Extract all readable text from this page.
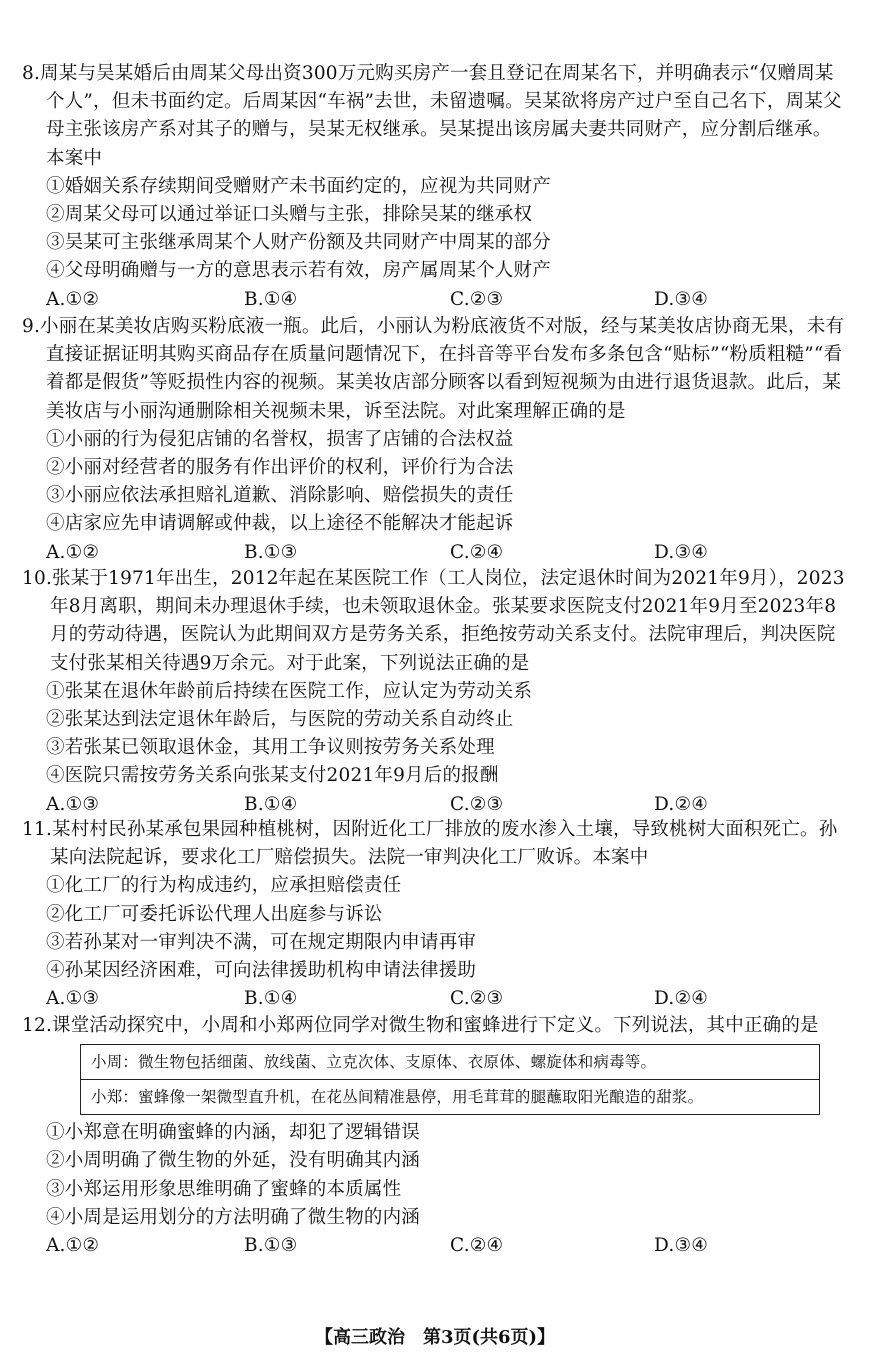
8.周某与吴某婚后由周某父母出资300万元购买房产一套且登记在周某名下，并明确表示“仅赠周某个人”，但未书面约定。后周某因“车祸”去世，未留遗嘱。吴某欲将房产过户至自己名下，周某父母主张该房产系对其子的赠与，吴某无权继承。吴某提出该房属夫妻共同财产，应分割后继承。本案中
①婚姻关系存续期间受赠财产未书面约定的，应视为共同财产
②周某父母可以通过举证口头赠与主张，排除吴某的继承权
③吴某可主张继承周某个人财产份额及共同财产中周某的部分
④父母明确赠与一方的意思表示若有效，房产属周某个人财产
A.①②	B.①④	C.②③	D.③④
9.小丽在某美妆店购买粉底液一瓶。此后，小丽认为粉底液货不对版，经与某美妆店协商无果，未有直接证据证明其购买商品存在质量问题情况下，在抖音等平台发布多条包含“贴标”“粉质粗糙”“看着都是假货”等贬损性内容的视频。某美妆店部分顾客以看到短视频为由进行退货退款。此后，某美妆店与小丽沟通删除相关视频未果，诉至法院。对此案理解正确的是
①小丽的行为侵犯店铺的名誉权，损害了店铺的合法权益
②小丽对经营者的服务有作出评价的权利，评价行为合法
③小丽应依法承担赔礼道歉、消除影响、赔偿损失的责任
④店家应先申请调解或仲裁，以上途径不能解决才能起诉
A.①②	B.①③	C.②④	D.③④
10.张某于1971年出生，2012年起在某医院工作（工人岗位，法定退休时间为2021年9月），2023年8月离职，期间未办理退休手续，也未领取退休金。张某要求医院支付2021年9月至2023年8月的劳动待遇，医院认为此期间双方是劳务关系，拒绝按劳动关系支付。法院审理后，判决医院支付张某相关待遇9万余元。对于此案，下列说法正确的是
①张某在退休年龄前后持续在医院工作，应认定为劳动关系
②张某达到法定退休年龄后，与医院的劳动关系自动终止
③若张某已领取退休金，其用工争议则按劳务关系处理
④医院只需按劳务关系向张某支付2021年9月后的报酬
A.①③	B.①④	C.②③	D.②④
11.某村村民孙某承包果园种植桃树，因附近化工厂排放的废水渗入土壤，导致桃树大面积死亡。孙某向法院起诉，要求化工厂赔偿损失。法院一审判决化工厂败诉。本案中
①化工厂的行为构成违约，应承担赔偿责任
②化工厂可委托诉讼代理人出庭参与诉讼
③若孙某对一审判决不满，可在规定期限内申请再审
④孙某因经济困难，可向法律援助机构申请法律援助
A.①③	B.①④	C.②③	D.②④
12.课堂活动探究中，小周和小郑两位同学对微生物和蜜蜂进行下定义。下列说法，其中正确的是
小周：微生物包括细菌、放线菌、立克次体、支原体、衣原体、螺旋体和病毒等。
小郑：蜜蜂像一架微型直升机，在花丛间精准悬停，用毛茸茸的腿蘸取阳光酿造的甜浆。
①小郑意在明确蜜蜂的内涵，却犯了逻辑错误
②小周明确了微生物的外延，没有明确其内涵
③小郑运用形象思维明确了蜜蜂的本质属性
④小周是运用划分的方法明确了微生物的内涵
A.①②	B.①③	C.②④	D.③④
【高三政治　第3页(共6页)】
